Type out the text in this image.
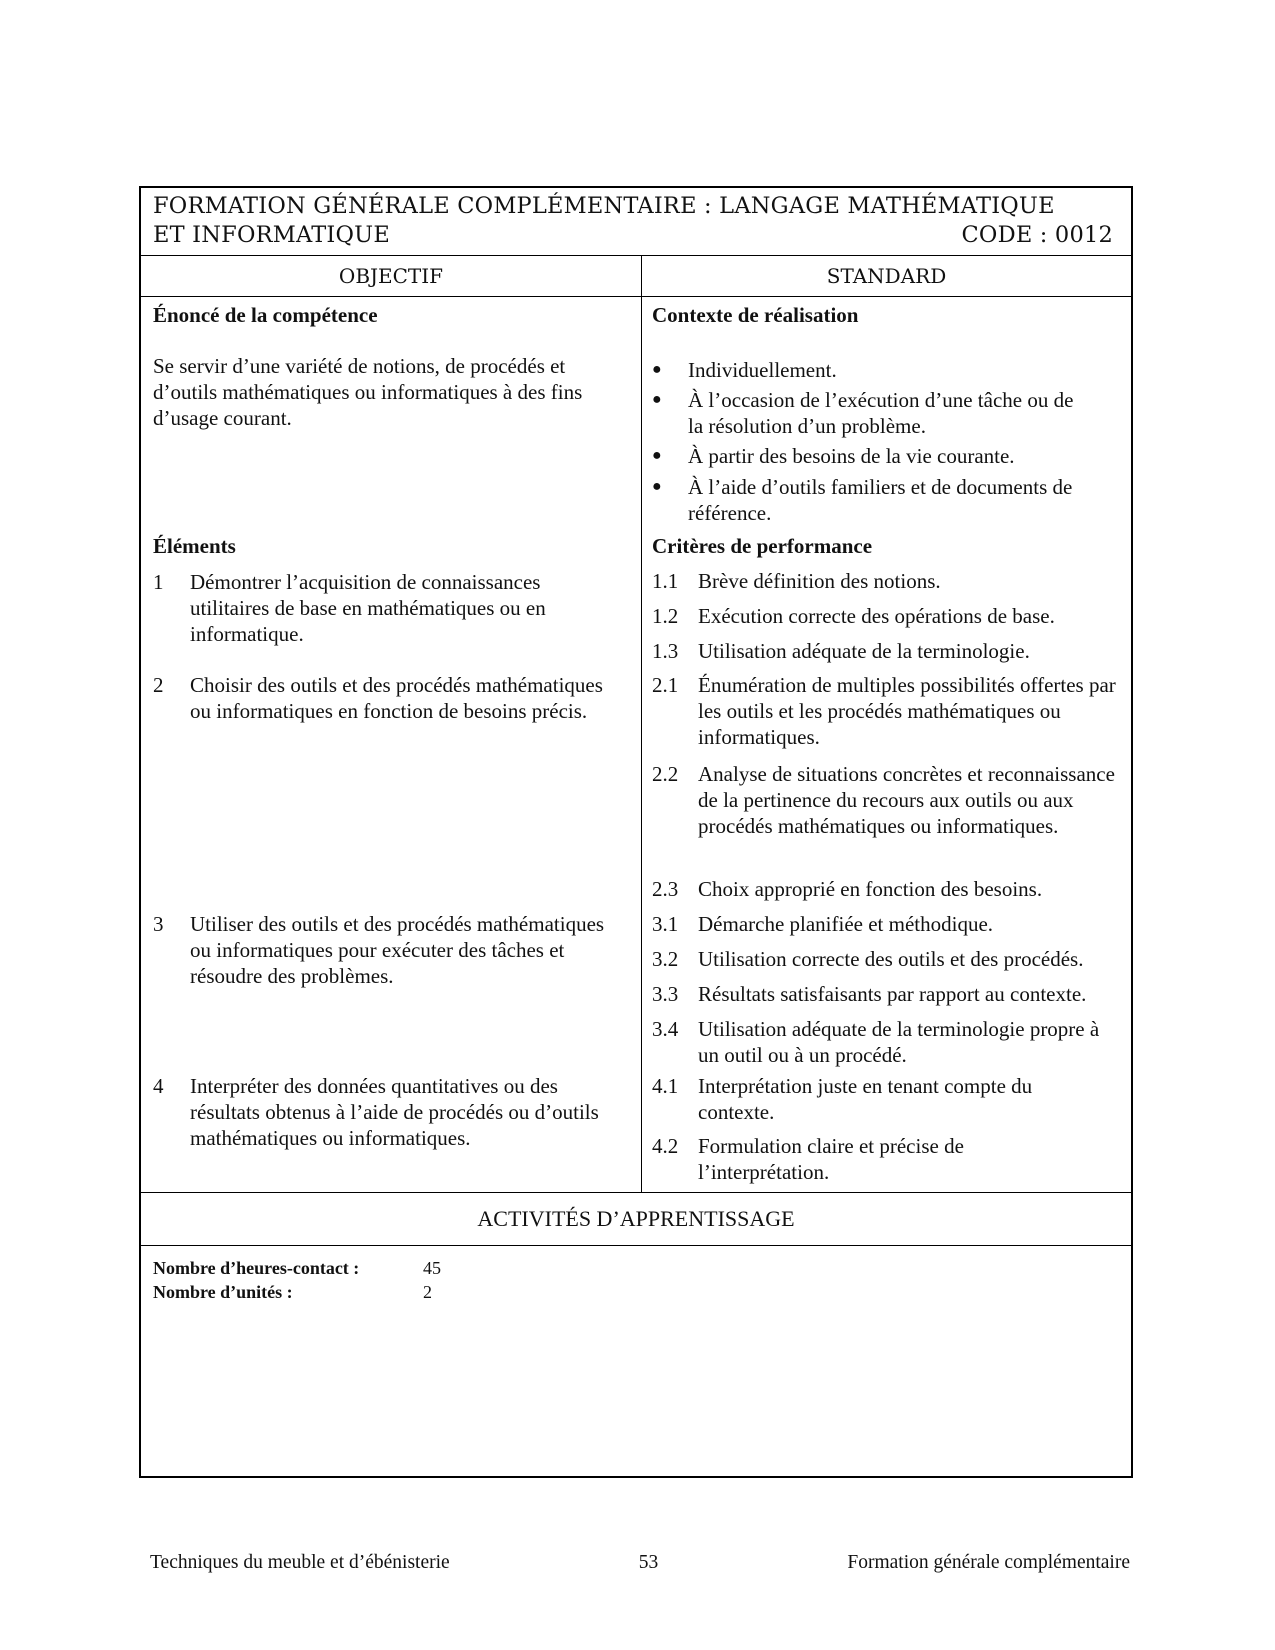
FORMATION GÉNÉRALE COMPLÉMENTAIRE : LANGAGE MATHÉMATIQUE
ET INFORMATIQUE	CODE : 0012
OBJECTIF	STANDARD
Énoncé de la compétence
Se servir d’une variété de notions, de procédés et d’outils mathématiques ou informatiques à des fins d’usage courant.
Éléments
1	Démontrer l’acquisition de connaissances utilitaires de base en mathématiques ou en informatique.
2	Choisir des outils et des procédés mathématiques ou informatiques en fonction de besoins précis.
3	Utiliser des outils et des procédés mathématiques ou informatiques pour exécuter des tâches et résoudre des problèmes.
4	Interpréter des données quantitatives ou des résultats obtenus à l’aide de procédés ou d’outils mathématiques ou informatiques.
Contexte de réalisation
●	Individuellement.
●	À l’occasion de l’exécution d’une tâche ou de la résolution d’un problème.
●	À partir des besoins de la vie courante.
●	À l’aide d’outils familiers et de documents de référence.
Critères de performance
1.1 Brève définition des notions.
1.2 Exécution correcte des opérations de base.
1.3 Utilisation adéquate de la terminologie.
2.1 Énumération de multiples possibilités offertes par les outils et les procédés mathématiques ou informatiques.
2.2 Analyse de situations concrètes et reconnaissance de la pertinence du recours aux outils ou aux procédés mathématiques ou informatiques.
2.3 Choix approprié en fonction des besoins.
3.1 Démarche planifiée et méthodique.
3.2 Utilisation correcte des outils et des procédés.
3.3 Résultats satisfaisants par rapport au contexte.
3.4 Utilisation adéquate de la terminologie propre à un outil ou à un procédé.
4.1 Interprétation juste en tenant compte du contexte.
4.2 Formulation claire et précise de l’interprétation.
ACTIVITÉS D’APPRENTISSAGE
Nombre d’heures-contact :	45
Nombre d’unités :	2
Techniques du meuble et d’ébénisterie	53	Formation générale complémentaire
